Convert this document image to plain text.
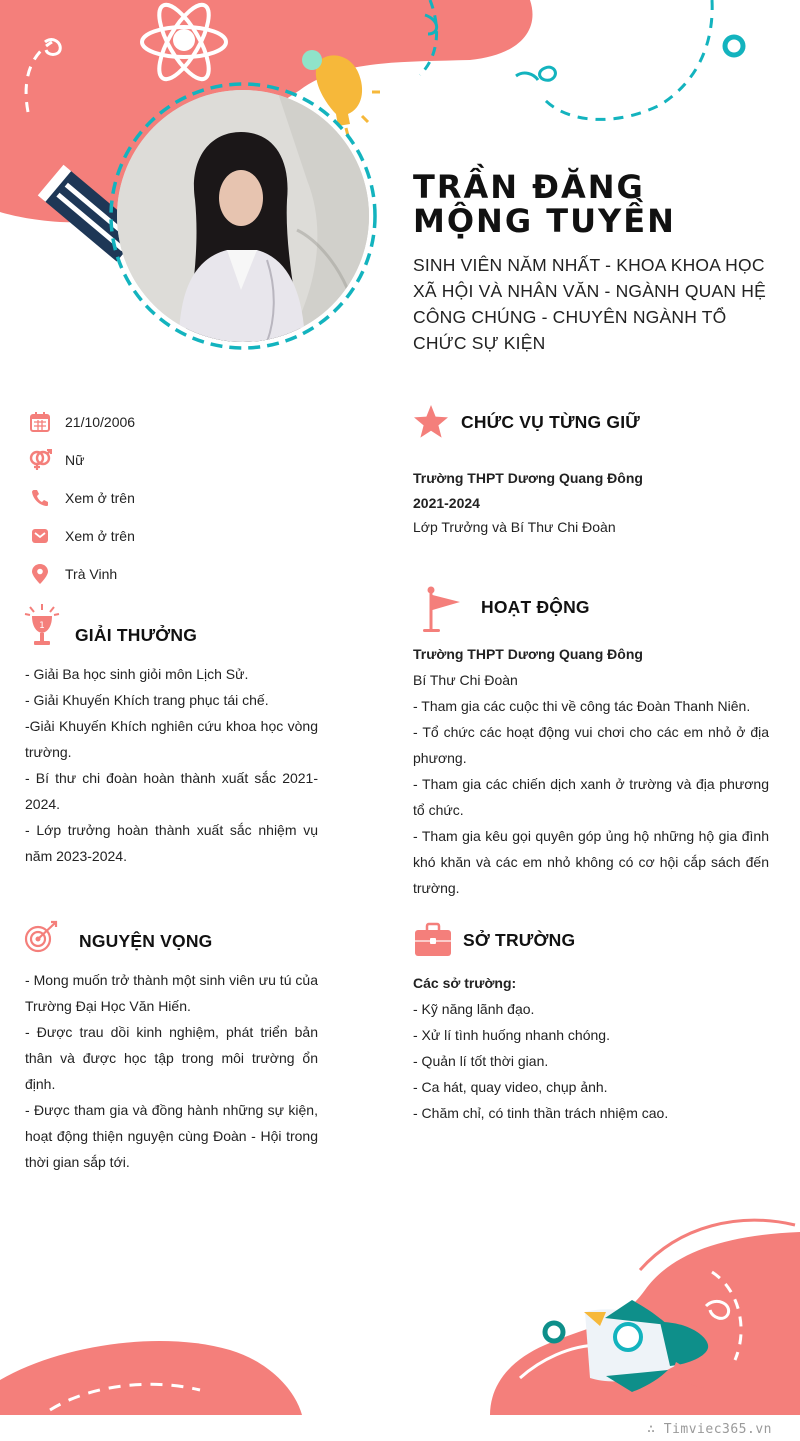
TRẦN ĐĂNG MỘNG TUYỀN
SINH VIÊN NĂM NHẤT - KHOA KHOA HỌC XÃ HỘI VÀ NHÂN VĂN - NGÀNH QUAN HỆ CÔNG CHÚNG - CHUYÊN NGÀNH TỔ CHỨC SỰ KIỆN
21/10/2006
Nữ
Xem ở trên
Xem ở trên
Trà Vinh
1 GIẢI THƯỞNG
- Giải Ba học sinh giỏi môn Lịch Sử.
- Giải Khuyến Khích trang phục tái chế.
-Giải Khuyến Khích nghiên cứu khoa học vòng trường.
- Bí thư chi đoàn hoàn thành xuất sắc 2021-2024.
- Lớp trưởng hoàn thành xuất sắc nhiệm vụ năm 2023-2024.
NGUYỆN VỌNG
- Mong muốn trở thành một sinh viên ưu tú của Trường Đại Học Văn Hiến.
- Được trau dồi kinh nghiệm, phát triển bản thân và được học tập trong môi trường ổn định.
- Được tham gia và đồng hành những sự kiện, hoạt động thiện nguyện cùng Đoàn - Hội trong thời gian sắp tới.
CHỨC VỤ TỪNG GIỮ
Trường THPT Dương Quang Đông
2021-2024
Lớp Trưởng và Bí Thư Chi Đoàn
HOẠT ĐỘNG
Trường THPT Dương Quang Đông
Bí Thư Chi Đoàn
- Tham gia các cuộc thi về công tác Đoàn Thanh Niên.
- Tổ chức các hoạt động vui chơi cho các em nhỏ ở địa phương.
- Tham gia các chiến dịch xanh ở trường và địa phương tổ chức.
- Tham gia kêu gọi quyên góp ủng hộ những hộ gia đình khó khăn và các em nhỏ không có cơ hội cắp sách đến trường.
SỞ TRƯỜNG
Các sở trường:
- Kỹ năng lãnh đạo.
- Xử lí tình huống nhanh chóng.
- Quản lí tốt thời gian.
- Ca hát, quay video, chụp ảnh.
- Chăm chỉ, có tinh thần trách nhiệm cao.
∴ Timviec365.vn
